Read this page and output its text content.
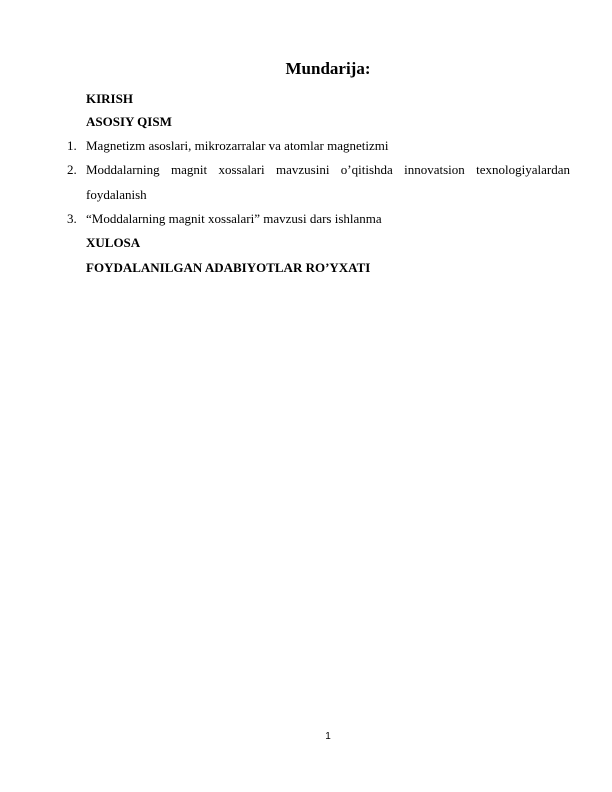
Mundarija:
KIRISH
ASOSIY QISM
1. Magnetizm asoslari, mikrozarralar va atomlar magnetizmi
2. Moddalarning magnit xossalari mavzusini o’qitishda innovatsion texnologiyalardan
foydalanish
3. “Moddalarning magnit xossalari” mavzusi dars ishlanma
XULOSA
FOYDALANILGAN ADABIYOTLAR RO’YXATI
1
